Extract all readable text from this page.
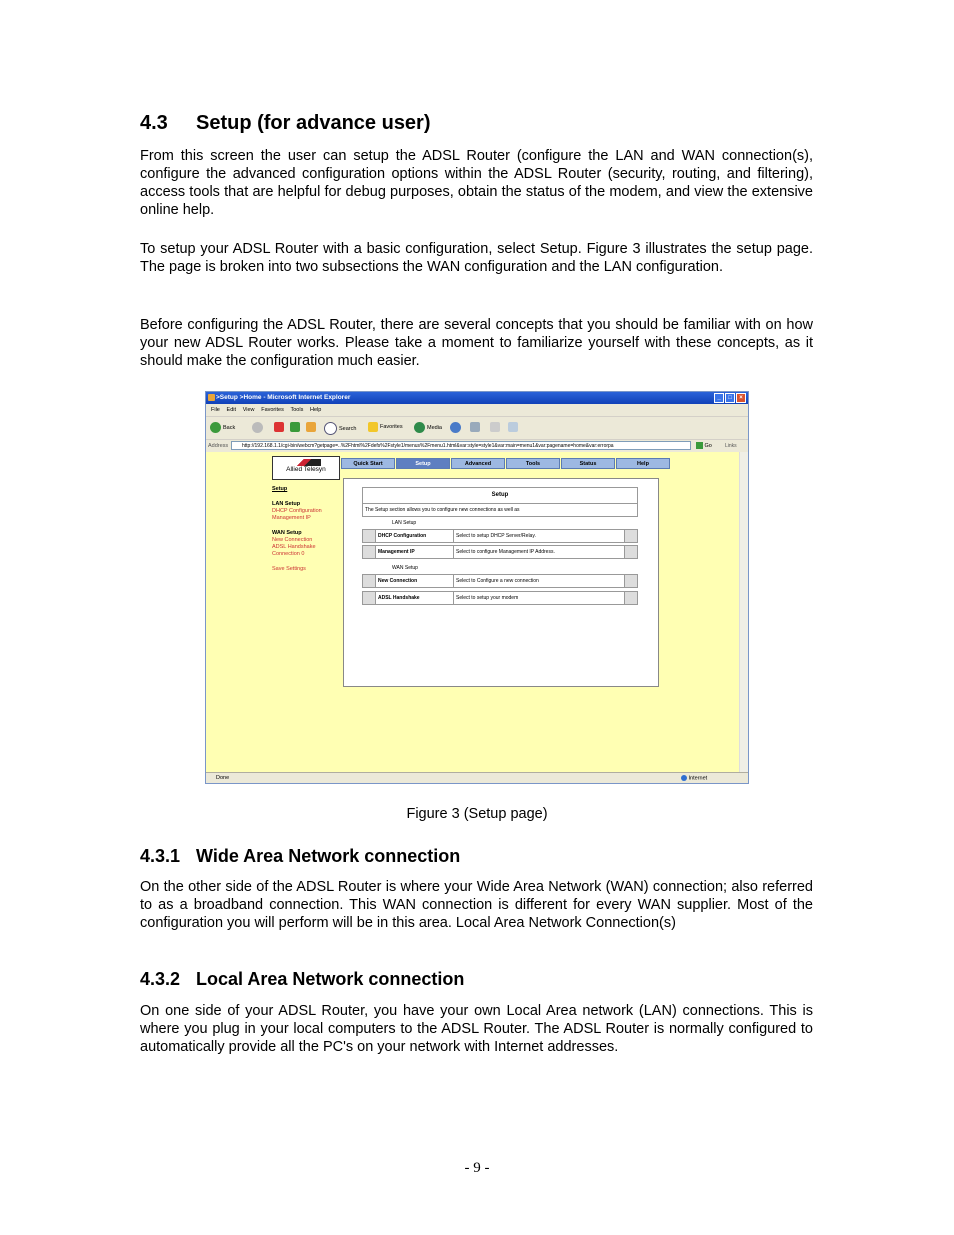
4.3 Setup (for advance user)

From this screen the user can setup the ADSL Router (configure the LAN and WAN connection(s), configure the advanced configuration options within the ADSL Router (security, routing, and filtering), access tools that are helpful for debug purposes, obtain the status of the modem, and view the extensive online help.

To setup your ADSL Router with a basic configuration, select Setup. Figure 3 illustrates the setup page. The page is broken into two subsections the WAN configuration and the LAN configuration.

Before configuring the ADSL Router, there are several concepts that you should be familiar with on how your new ADSL Router works. Please take a moment to familiarize yourself with these concepts, as it should make the configuration much easier.

>Setup >Home - Microsoft Internet Explorer	_	□	×
File Edit View Favorites Tools Help
Back	Search	Favorites	Media
Address	http://192.168.1.1/cgi-bin/webcm?getpage=..%2Fhtml%2Fdefs%2Fstyle1/menus%2Fmenu1.html&var:style=style1&var:main=menu1&var:pagename=home&var:errorpa	Go	Links
Allied Telesyn
Quick Start	Setup	Advanced	Tools	Status	Help
Setup
LAN Setup
DHCP Configuration
Management IP
WAN Setup
New Connection
ADSL Handshake
Connection 0
Save Settings
Setup
The Setup section allows you to configure new connections as well as
LAN Setup
DHCP Configuration	Select to setup DHCP Server/Relay.
Management IP	Select to configure Management IP Address.
WAN Setup
New Connection	Select to Configure a new connection
ADSL Handshake	Select to setup your modem
Done	Internet
Figure 3 (Setup page)
4.3.1 Wide Area Network connection

On the other side of the ADSL Router is where your Wide Area Network (WAN) connection; also referred to as a broadband connection. This WAN connection is different for every WAN supplier. Most of the configuration you will perform will be in this area. Local Area Network Connection(s)

4.3.2 Local Area Network connection

On one side of your ADSL Router, you have your own Local Area network (LAN) connections. This is where you plug in your local computers to the ADSL Router. The ADSL Router is normally configured to automatically provide all the PC's on your network with Internet addresses.

- 9 -
